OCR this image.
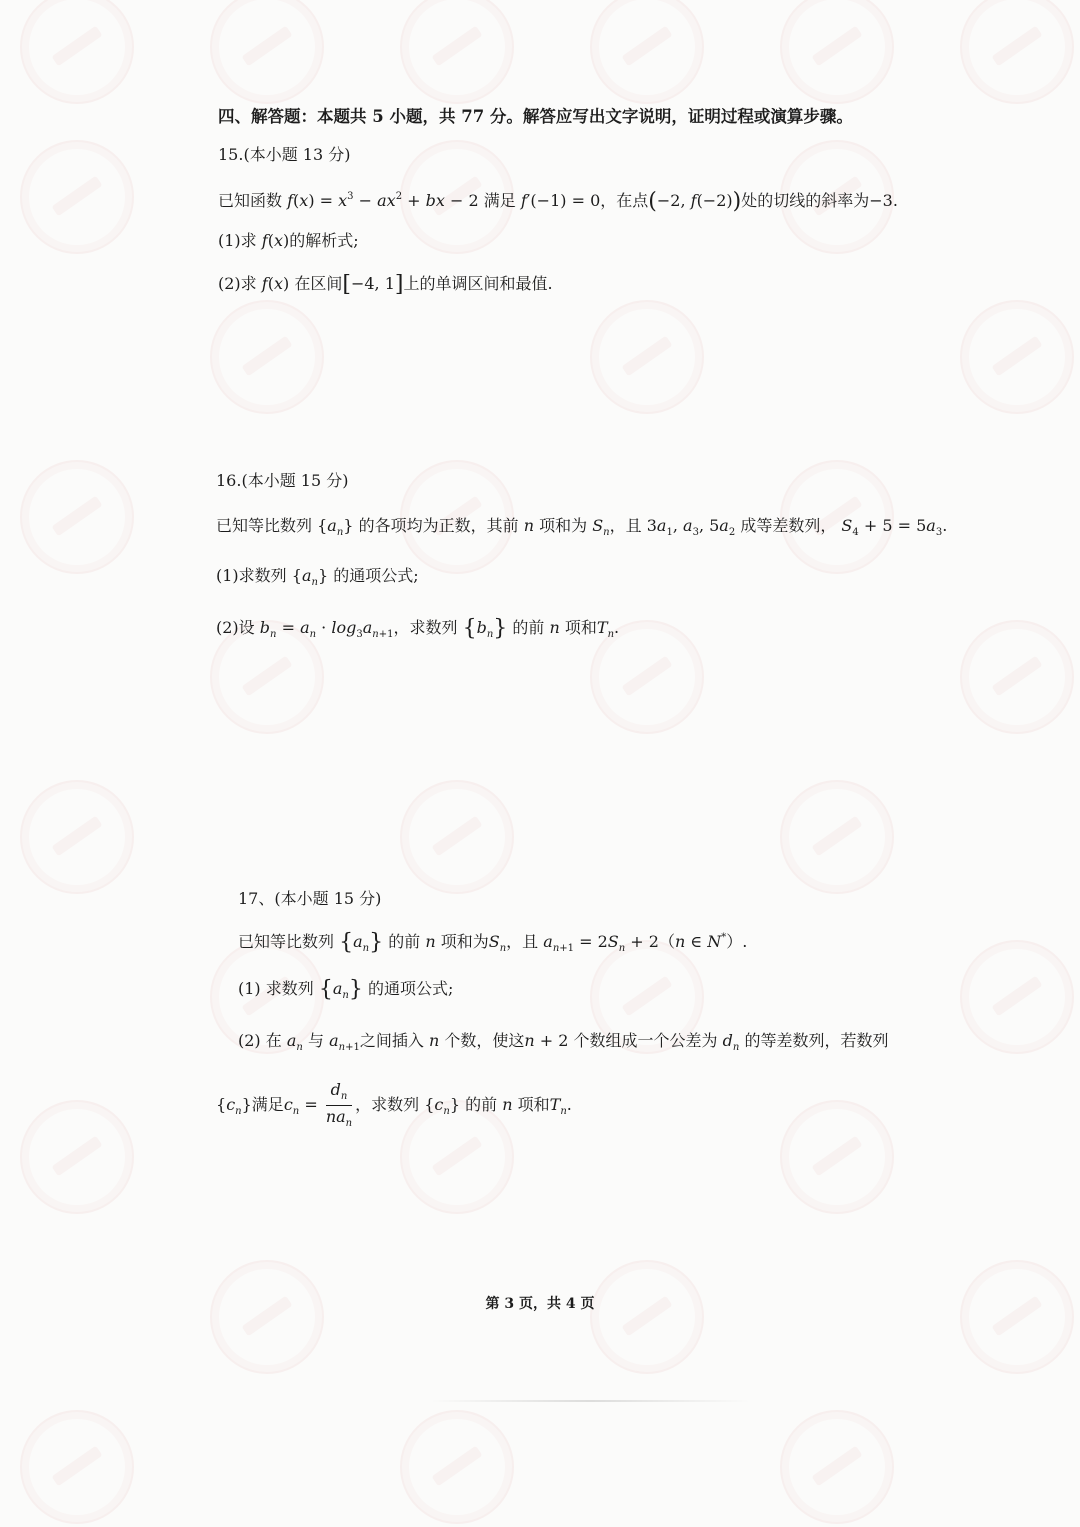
四、解答题：本题共 5 小题，共 77 分。解答应写出文字说明，证明过程或演算步骤。
15.(本小题 13 分)
已知函数 $f(x) = x^3 - ax^2$ + bx − 2 满足 f′(−1) = 0，在点(−2, f(−2))处的切线的斜率为−3.
(1)求 f(x)的解析式;
(2)求 f(x) 在区间[−4, 1]上的单调区间和最值.
16.(本小题 15 分)
已知等比数列 $\{a_n\}$ 的各项均为正数，其前 n 项和为 $S_n$，且 $3a_1$, $a_3$, $5a_2$ 成等差数列， $S_4 + 5 = 5a_3$.
(1)求数列 $\{a_n\}$ 的通项公式;
(2)设 $b_n = a_n \cdot \log_3a_{n+1}$，求数列 $\{b_n\}$ 的前 n 项和$T_n$.
17、(本小题 15 分)
已知等比数列 $\{a_n\}$ 的前 n 项和为$S_n$，且 $a_{n+1} = 2S_n + 2(n$ ∈ N*）.
(1) 求数列 $\{a_n\}$ 的通项公式;
(2) 在 $a_n$ 与 $a_{n+1}$之间插入 n 个数，使这n + 2 个数组成一个公差为 $d_n$ 的等差数列，若数列
$\{c_n\}$满足$c_n = \frac{d_n}{na_n}$ ，求数列 $\{c_n\}$ 的前 n 项和$T_n$.
第 3 页，共 4 页
